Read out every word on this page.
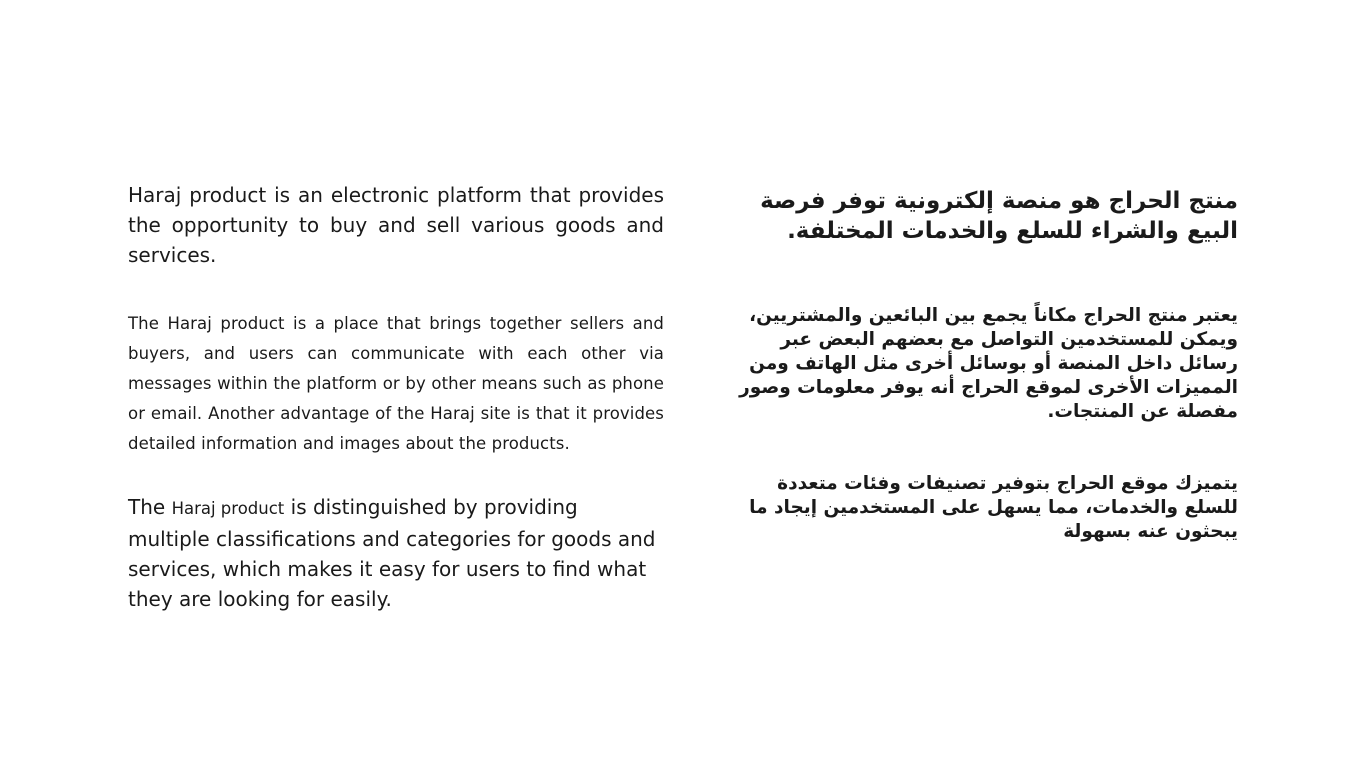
Haraj product is an electronic platform that provides the opportunity to buy and sell various goods and services.

The Haraj product is a place that brings together sellers and buyers, and users can communicate with each other via messages within the platform or by other means such as phone or email. Another advantage of the Haraj site is that it provides detailed information and images about the products.

The Haraj product is distinguished by providing multiple classifications and categories for goods and services, which makes it easy for users to find what they are looking for easily.

منتج الحراج هو منصة إلكترونية توفر فرصة البيع والشراء للسلع والخدمات المختلفة.

يعتبر منتج الحراج مكاناً يجمع بين البائعين والمشتريين، ويمكن للمستخدمين التواصل مع بعضهم البعض عبر رسائل داخل المنصة أو بوسائل أخرى مثل الهاتف ومن المميزات الأخرى لموقع الحراج أنه يوفر معلومات وصور مفصلة عن المنتجات.

يتميزك موقع الحراج بتوفير تصنيفات وفئات متعددة للسلع والخدمات، مما يسهل على المستخدمين إيجاد ما يبحثون عنه بسهولة
